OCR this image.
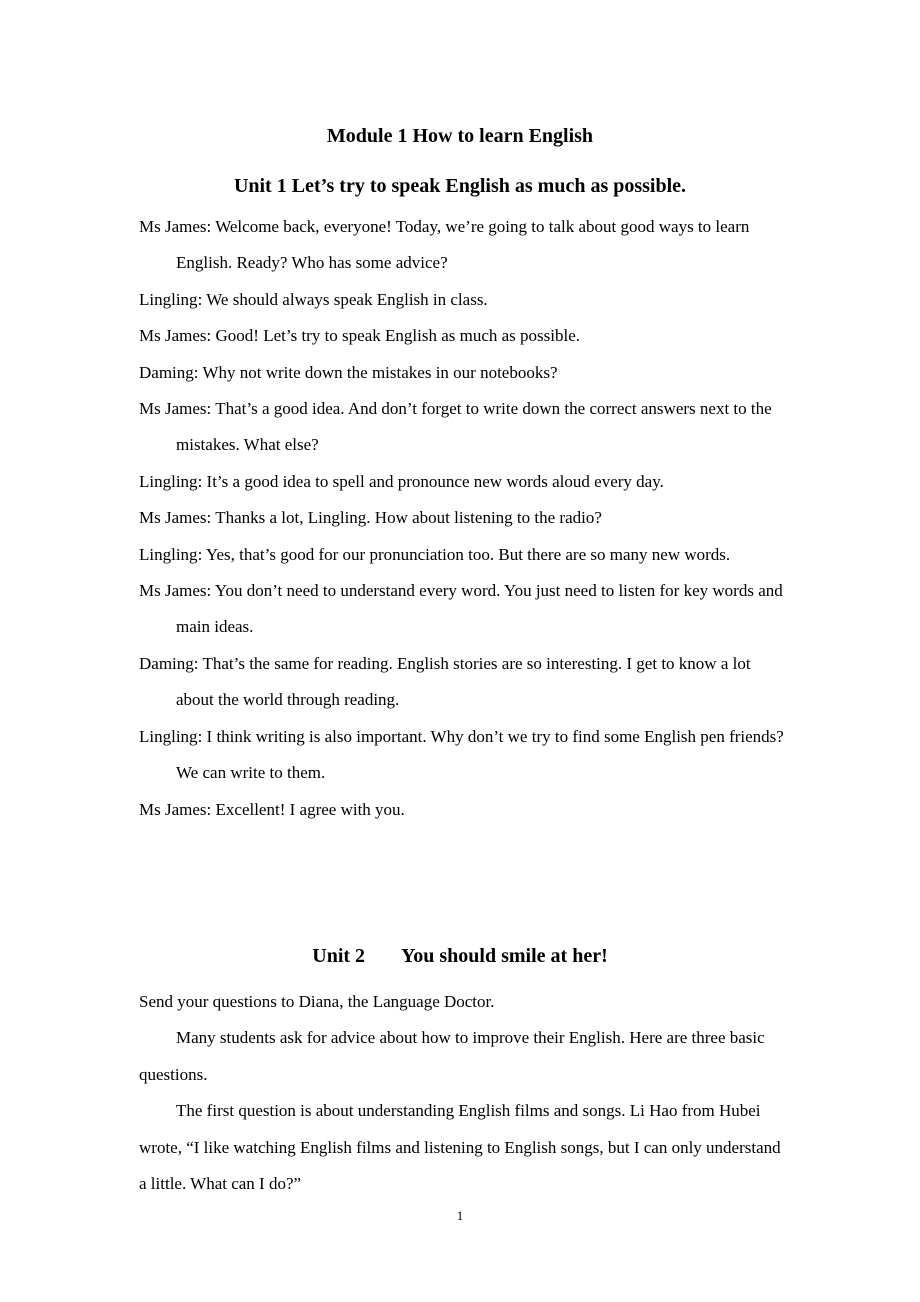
Module 1 How to learn English
Unit 1 Let’s try to speak English as much as possible.

Ms James : Welcome back, everyone! Today, we’re going to talk about good ways to learn English. Ready? Who has some advice?

Lingling : We should always speak English in class.

Ms James : Good! Let’s try to speak English as much as possible.

Daming : Why not write down the mistakes in our notebooks?

Ms James : That’s a good idea. And don’t forget to write down the correct answers next to the mistakes. What else?

Lingling : It’s a good idea to spell and pronounce new words aloud every day.

Ms James : Thanks a lot, Lingling. How about listening to the radio?

Lingling : Yes, that’s good for our pronunciation too. But there are so many new words.

Ms James : You don’t need to understand every word. You just need to listen for key words and main ideas.

Daming : That’s the same for reading. English stories are so interesting. I get to know a lot about the world through reading.

Lingling : I think writing is also important. Why don’t we try to find some English pen friends? We can write to them.

Ms James : Excellent! I agree with you.

Unit 2 You should smile at her!

Send your questions to Diana, the Language Doctor.

Many students ask for advice about how to improve their English. Here are three basic questions.

The first question is about understanding English films and songs. Li Hao from Hubei wrote, “I like watching English films and listening to English songs, but I can only understand a little. What can I do?”

1
